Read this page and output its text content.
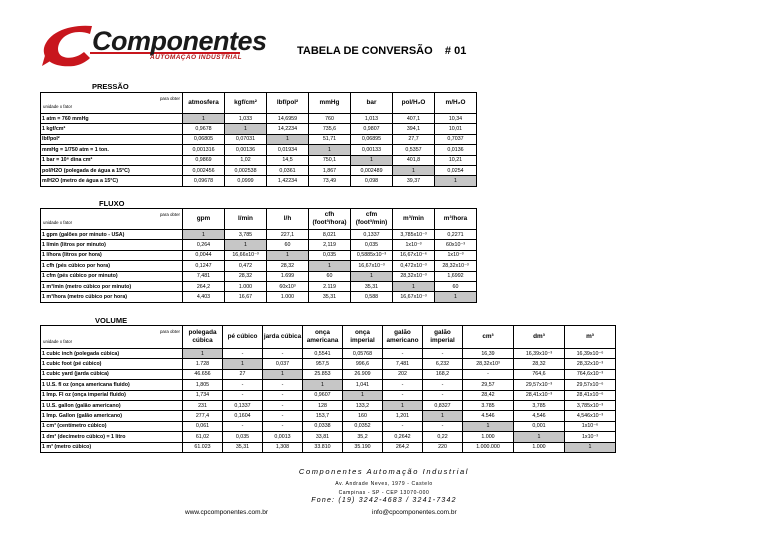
Componentes
AUTOMAÇÃO INDUSTRIAL
TABELA DE CONVERSÃO    # 01
PRESSÃO
para obter
unidade x fator	atmosfera	kgf/cm²	lbf/pol²	mmHg	bar	pol/H₂O	m/H₂O
1 atm = 760 mmHg	1	1,033	14,6959	760	1,013	407,1	10,34
1 kgf/cm²	0,9678	1	14,2234	735,6	0,9807	394,1	10,01
lbf/pol²	0,06805	0,07031	1	51,71	0,06895	27,7	0,7037
mmHg = 1/750 atm = 1 ton.	0,001316	0,00136	0,01934	1	0,00133	0,5357	0,0136
1 bar = 10⁶ dina cm²	0,9869	1,02	14,5	750,1	1	401,8	10,21
pol/H2O (polegada de água a 15°C)	0,002456	0,002538	0,0361	1,867	0,002489	1	0,0254
m/H2O (metro de água a 15°C)	0,09678	0,0999	1,42234	73,49	0,098	39,37	1
FLUXO
para obter
unidade x fator	gpm	l/min	l/h	cfh (foot³/hora)	cfm (foot³/min)	m³/min	m³/hora
1 gpm (galões por minuto - USA)	1	3,785	227,1	8,021	0,1337	3,785x10⁻³	0,2271
1 l/min (litros por minuto)	0,264	1	60	2,119	0,035	1x10⁻³	60x10⁻³
1 l/hora (litros por hora)	0,0044	16,66x10⁻³	1	0,035	0,5885x10⁻³	16,67x10⁻⁶	1x10⁻³
1 cfh (pés cúbico por hora)	0,1247	0,472	28,32	1	16,67x10⁻³	0,472x10⁻³	28,32x10⁻³
1 cfm (pés cúbico por minuto)	7,481	28,32	1.699	60	1	28,32x10⁻³	1,6992
1 m³/min (metro cúbico por minuto)	264,2	1.000	60x10³	2.119	35,31	1	60
1 m³/hora (metro cúbico por hora)	4,403	16,67	1.000	35,31	0,588	16,67x10⁻³	1
VOLUME
para obter
unidade x fator	polegada cúbica	pé cúbico	jarda cúbica	onça americana	onça imperial	galão americano	galão imperial	cm³	dm³	m³
1 cubic inch (polegada cúbica)	1	-	-	0,5541	0,05768	-	-	16,39	16,39x10⁻³	16,39x10⁻⁶
1 cubic foot (pé cúbico)	1.728	1	0,037	957,5	996,6	7,481	6,232	28,32x10³	28,32	28,32x10⁻³
1 cubic yard (jarda cúbica)	46.656	27	1	25.853	26.909	202	168,2	-	764,6	764,6x10⁻³
1 U.S. fl oz (onça americana fluido)	1,805	-	-	1	1,041	-	-	29,57	29,57x10⁻³	29,57x10⁻⁶
1 Imp. Fl oz (onça imperial fluido)	1,734	-	-	0,9607	1	-	-	28,42	28,41x10⁻³	28,41x10⁻⁶
1 U.S. gallon (galão americano)	231	0,1337	-	128	133,2	1	0,8327	3.785	3,785	3,785x10⁻³
1 Imp. Gallon (galão americano)	277,4	0,1604	-	153,7	160	1,201	1	4.546	4,546	4,546x10⁻³
1 cm³ (centímetro cúbico)	0,061	-	-	0,0338	0,0352	-	-	1	0,001	1x10⁻⁶
1 dm³ (decímetro cúbico) = 1 litro	61,02	0,035	0,0013	33,81	35,2	0,2642	0,22	1.000	1	1x10⁻³
1 m³ (metro cúbico)	61.023	35,31	1,308	33.810	35.190	264,2	220	1.000.000	1.000	1
Componentes Automação Industrial
Av. Andrade Neves, 1979 - Castelo
Campinas - SP - CEP 13070-000
Fone: (19) 3242-4683 / 3241-7342
www.cpcomponentes.com.br	info@cpcomponentes.com.br
